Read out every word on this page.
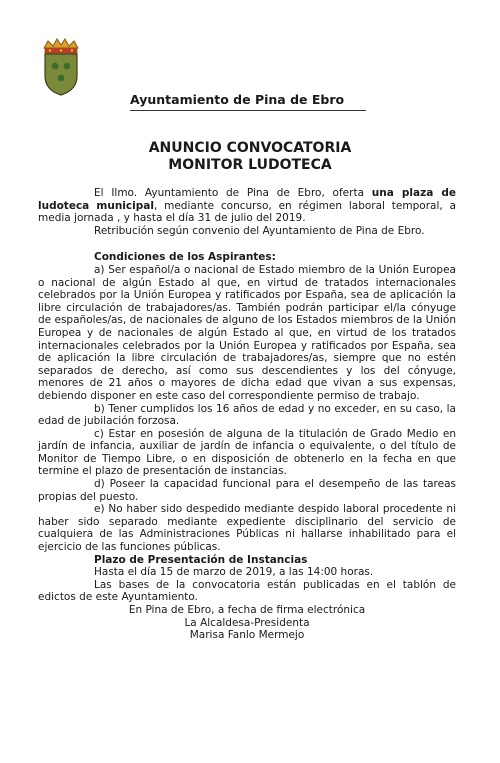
Ayuntamiento de Pina de Ebro
ANUNCIO CONVOCATORIA
MONITOR LUDOTECA

El Ilmo. Ayuntamiento de Pina de Ebro, oferta una plaza de ludoteca municipal, mediante concurso, en régimen laboral temporal, a media jornada , y hasta el día 31 de julio del 2019.

Retribución según convenio del Ayuntamiento de Pina de Ebro.

Condiciones de los Aspirantes:

a) Ser español/a o nacional de Estado miembro de la Unión Europea o nacional de algún Estado al que, en virtud de tratados internacionales celebrados por la Unión Europea y ratificados por España, sea de aplicación la libre circulación de trabajadores/as. También podrán participar el/la cónyuge de españoles/as, de nacionales de alguno de los Estados miembros de la Unión Europea y de nacionales de algún Estado al que, en virtud de los tratados internacionales celebrados por la Unión Europea y ratificados por España, sea de aplicación la libre circulación de trabajadores/as, siempre que no estén separados de derecho, así como sus descendientes y los del cónyuge, menores de 21 años o mayores de dicha edad que vivan a sus expensas, debiendo disponer en este caso del correspondiente permiso de trabajo.

b) Tener cumplidos los 16 años de edad y no exceder, en su caso, la edad de jubilación forzosa.

c) Estar en posesión de alguna de la titulación de Grado Medio en jardín de infancia, auxiliar de jardín de infancia o equivalente, o del título de Monitor de Tiempo Libre, o en disposición de obtenerlo en la fecha en que termine el plazo de presentación de instancias.

d) Poseer la capacidad funcional para el desempeño de las tareas propias del puesto.

e) No haber sido despedido mediante despido laboral procedente ni haber sido separado mediante expediente disciplinario del servicio de cualquiera de las Administraciones Públicas ni hallarse inhabilitado para el ejercicio de las funciones públicas.

Plazo de Presentación de Instancias

Hasta el día 15 de marzo de 2019, a las 14:00 horas.

Las bases de la convocatoria están publicadas en el tablón de edictos de este Ayuntamiento.

En Pina de Ebro, a fecha de firma electrónica

La Alcaldesa-Presidenta

Marisa Fanlo Mermejo
